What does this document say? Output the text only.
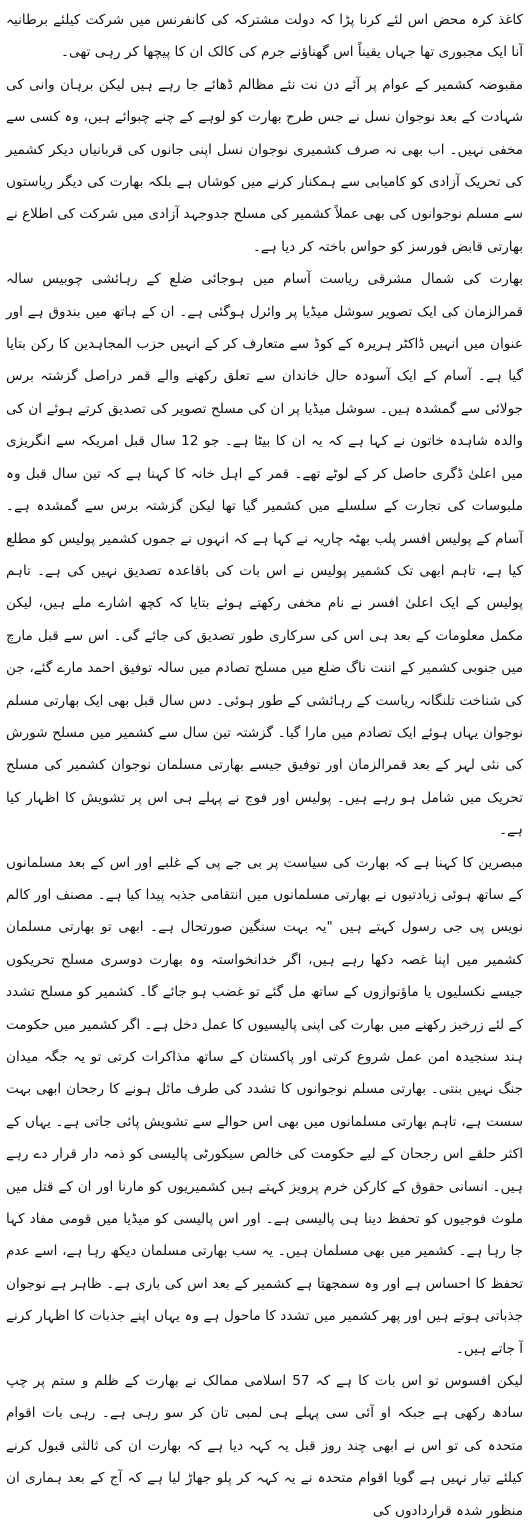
کاغذ کرہ محض اس لئے کرنا پڑا کہ دولت مشترکہ کی کانفرنس میں شرکت کیلئے برطانیہ آنا ایک مجبوری تھا جہاں یقیناً اس گھناؤنے جرم کی کالک ان کا پیچھا کر رہی تھی۔

مقبوضہ کشمیر کے عوام پر آئے دن نت نئے مظالم ڈھائے جا رہے ہیں لیکن برہان وانی کی شہادت کے بعد نوجوان نسل نے جس طرح بھارت کو لوہے کے چنے چبوائے ہیں، وہ کسی سے مخفی نہیں۔ اب بھی نہ صرف کشمیری نوجوان نسل اپنی جانوں کی قربانیاں دیکر کشمیر کی تحریک آزادی کو کامیابی سے ہمکنار کرنے میں کوشاں ہے بلکہ بھارت کی دیگر ریاستوں سے مسلم نوجوانوں کی بھی عملاً کشمیر کی مسلح جدوجہد آزادی میں شرکت کی اطلاع نے بھارتی قابض فورسز کو حواس باختہ کر دیا ہے۔

بھارت کی شمال مشرقی ریاست آسام میں ہوجائی ضلع کے رہائشی چوبیس سالہ قمرالزمان کی ایک تصویر سوشل میڈیا پر وائرل ہوگئی ہے۔ ان کے ہاتھ میں بندوق ہے اور عنوان میں انہیں ڈاکٹر ہریرہ کے کوڈ سے متعارف کر کے انہیں حزب المجاہدین کا رکن بتایا گیا ہے۔ آسام کے ایک آسودہ حال خاندان سے تعلق رکھنے والے قمر دراصل گزشتہ برس جولائی سے گمشدہ ہیں۔ سوشل میڈیا پر ان کی مسلح تصویر کی تصدیق کرتے ہوئے ان کی والدہ شاہدہ خاتون نے کہا ہے کہ یہ ان کا بیٹا ہے۔ جو 12 سال قبل امریکہ سے انگریزی میں اعلیٰ ڈگری حاصل کر کے لوٹے تھے۔ قمر کے اہل خانہ کا کہنا ہے کہ تین سال قبل وہ ملبوسات کی تجارت کے سلسلے میں کشمیر گیا تھا لیکن گزشتہ برس سے گمشدہ ہے۔ آسام کے پولیس افسر پلب بھٹہ چاریہ نے کہا ہے کہ انہوں نے جموں کشمیر پولیس کو مطلع کیا ہے، تاہم ابھی تک کشمیر پولیس نے اس بات کی باقاعدہ تصدیق نہیں کی ہے۔ تاہم پولیس کے ایک اعلیٰ افسر نے نام مخفی رکھتے ہوئے بتایا کہ کچھ اشارے ملے ہیں، لیکن مکمل معلومات کے بعد ہی اس کی سرکاری طور تصدیق کی جائے گی۔ اس سے قبل مارچ میں جنوبی کشمیر کے اننت ناگ ضلع میں مسلح تصادم میں سالہ توفیق احمد مارے گئے، جن کی شناخت تلنگانہ ریاست کے رہائشی کے طور ہوئی۔ دس سال قبل بھی ایک بھارتی مسلم نوجوان یہاں ہوئے ایک تصادم میں مارا گیا۔ گزشتہ تین سال سے کشمیر میں مسلح شورش کی نئی لہر کے بعد قمرالزمان اور توفیق جیسے بھارتی مسلمان نوجوان کشمیر کی مسلح تحریک میں شامل ہو رہے ہیں۔ پولیس اور فوج نے پہلے ہی اس پر تشویش کا اظہار کیا ہے۔

مبصرین کا کہنا ہے کہ بھارت کی سیاست پر بی جے پی کے غلبے اور اس کے بعد مسلمانوں کے ساتھ ہوئی زیادتیوں نے بھارتی مسلمانوں میں انتقامی جذبہ پیدا کیا ہے۔ مصنف اور کالم نویس پی جی رسول کہتے ہیں "یہ بہت سنگین صورتحال ہے۔ ابھی تو بھارتی مسلمان کشمیر میں اپنا غصہ دکھا رہے ہیں، اگر خدانخواستہ وہ بھارت دوسری مسلح تحریکوں جیسے نکسلیوں یا ماؤنوازوں کے ساتھ مل گئے تو غضب ہو جائے گا۔ کشمیر کو مسلح تشدد کے لئے زرخیز رکھنے میں بھارت کی اپنی پالیسیوں کا عمل دخل ہے۔ اگر کشمیر میں حکومت ہند سنجیدہ امن عمل شروع کرتی اور پاکستان کے ساتھ مذاکرات کرتی تو یہ جگہ میدان جنگ نہیں بنتی۔ بھارتی مسلم نوجوانوں کا تشدد کی طرف مائل ہونے کا رجحان ابھی بہت سست ہے، تاہم بھارتی مسلمانوں میں بھی اس حوالے سے تشویش پائی جاتی ہے۔ یہاں کے اکثر حلقے اس رجحان کے لیے حکومت کی خالص سیکورٹی پالیسی کو ذمہ دار قرار دے رہے ہیں۔ انسانی حقوق کے کارکن خرم پرویز کہتے ہیں کشمیریوں کو مارنا اور ان کے قتل میں ملوث فوجیوں کو تحفظ دینا ہی پالیسی ہے۔ اور اس پالیسی کو میڈیا میں قومی مفاد کہا جا رہا ہے۔ کشمیر میں بھی مسلمان ہیں۔ یہ سب بھارتی مسلمان دیکھ رہا ہے، اسے عدم تحفظ کا احساس ہے اور وہ سمجھتا ہے کشمیر کے بعد اس کی باری ہے۔ ظاہر ہے نوجوان جذباتی ہوتے ہیں اور پھر کشمیر میں تشدد کا ماحول ہے وہ یہاں اپنے جذبات کا اظہار کرنے آ جاتے ہیں۔

لیکن افسوس تو اس بات کا ہے کہ 57 اسلامی ممالک نے بھارت کے ظلم و ستم پر چپ سادھ رکھی ہے جبکہ او آئی سی پہلے ہی لمبی تان کر سو رہی ہے۔ رہی بات اقوام متحدہ کی تو اس نے ابھی چند روز قبل یہ کہہ دیا ہے کہ بھارت ان کی ثالثی قبول کرنے کیلئے تیار نہیں ہے گویا اقوام متحدہ نے یہ کہہ کر پلو جھاڑ لیا ہے کہ آج کے بعد ہماری ان منظور شدہ قراردادوں کی
